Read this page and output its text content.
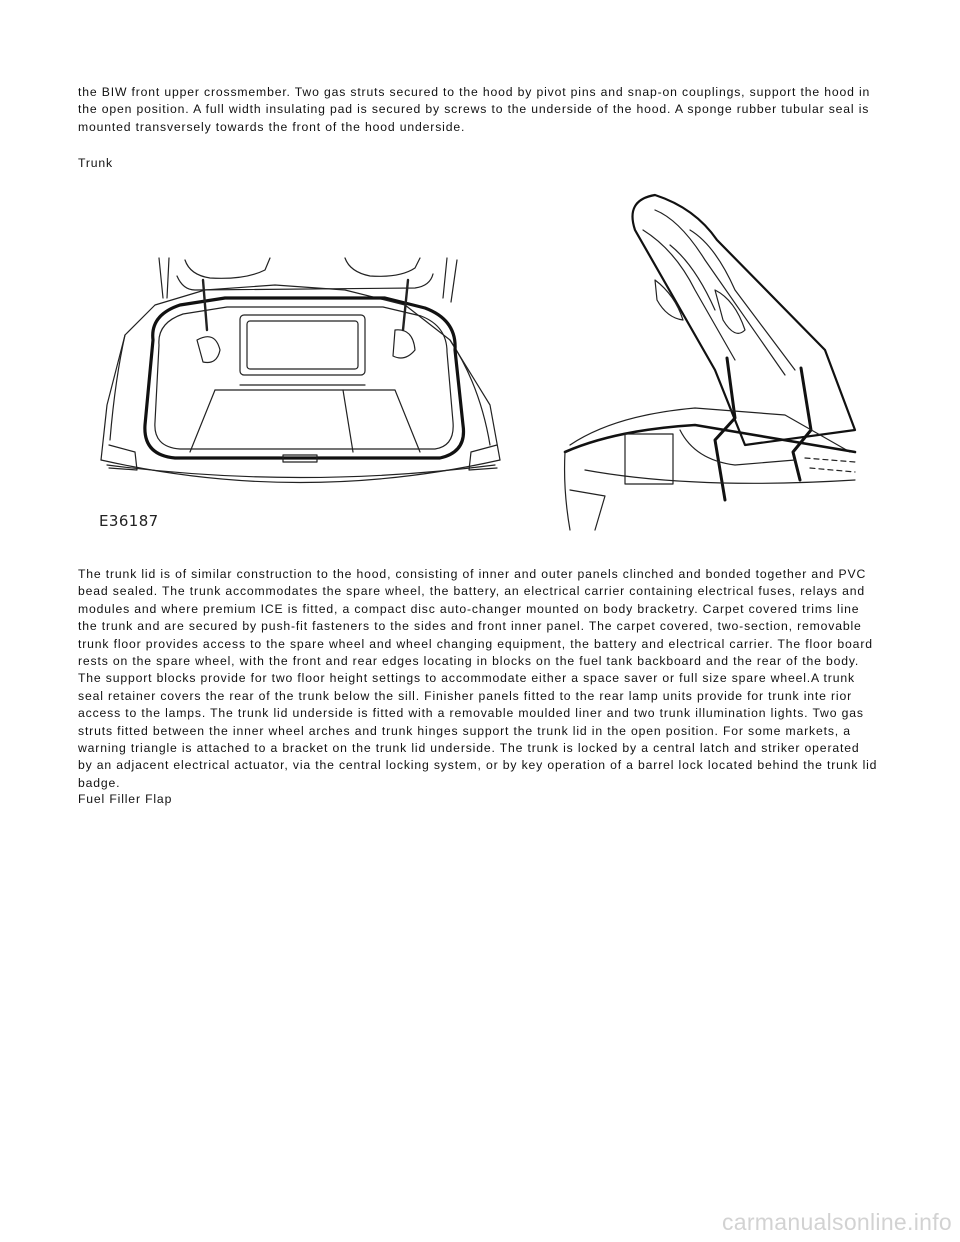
the BIW front upper crossmember. Two gas struts secured to the hood by pivot pins and snap-on couplings, support the hood in the open position. A full width insulating pad is secured by screws to the underside of the hood. A sponge rubber tubular seal is mounted transversely towards the front of the hood underside.

Trunk

E36187

The trunk lid is of similar construction to the hood, consisting of inner and outer panels clinched and bonded together and PVC bead sealed. The trunk accommodates the spare wheel, the battery, an electrical carrier containing electrical fuses, relays and modules and where premium ICE is fitted, a compact disc auto-changer mounted on body bracketry. Carpet covered trims line the trunk and are secured by push-fit fasteners to the sides and front inner panel. The carpet covered, two-section, removable trunk floor provides access to the spare wheel and wheel changing equipment, the battery and electrical carrier. The floor board rests on the spare wheel, with the front and rear edges locating in blocks on the fuel tank backboard and the rear of the body. The support blocks provide for two floor height settings to accommodate either a space saver or full size spare wheel.A trunk seal retainer covers the rear of the trunk below the sill. Finisher panels fitted to the rear lamp units provide for trunk inte rior access to the lamps. The trunk lid underside is fitted with a removable moulded liner and two trunk illumination lights. Two gas struts fitted between the inner wheel arches and trunk hinges support the trunk lid in the open position. For some markets, a warning triangle is attached to a bracket on the trunk lid underside. The trunk is locked by a central latch and striker operated by an adjacent electrical actuator, via the central locking system, or by key operation of a barrel lock located behind the trunk lid badge.

Fuel Filler Flap

carmanualsonline.info
